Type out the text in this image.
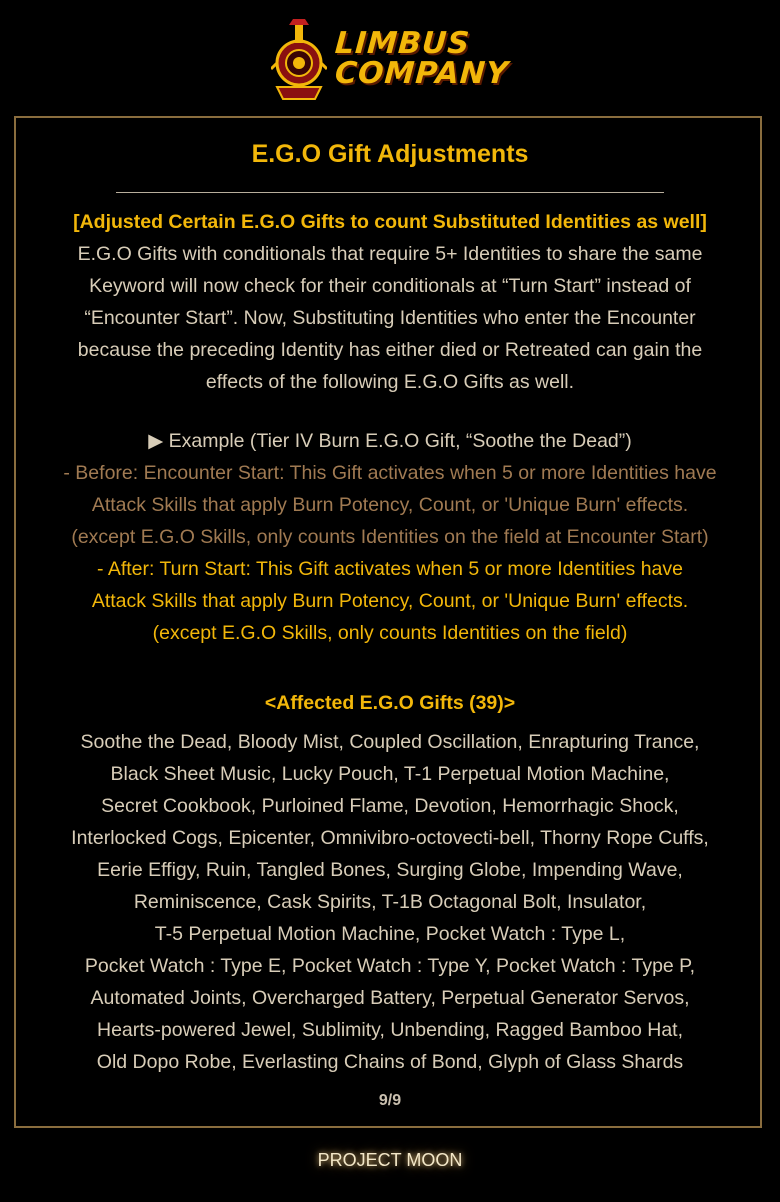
LIMBUS
COMPANY
E.G.O Gift Adjustments
[Adjusted Certain E.G.O Gifts to count Substituted Identities as well]
E.G.O Gifts with conditionals that require 5+ Identities to share the same
Keyword will now check for their conditionals at “Turn Start” instead of
“Encounter Start”. Now, Substituting Identities who enter the Encounter
because the preceding Identity has either died or Retreated can gain the
effects of the following E.G.O Gifts as well.
▶ Example (Tier IV Burn E.G.O Gift, “Soothe the Dead”)
- Before: Encounter Start: This Gift activates when 5 or more Identities have
Attack Skills that apply Burn Potency, Count, or 'Unique Burn' effects.
(except E.G.O Skills, only counts Identities on the field at Encounter Start)
- After: Turn Start: This Gift activates when 5 or more Identities have
Attack Skills that apply Burn Potency, Count, or 'Unique Burn' effects.
(except E.G.O Skills, only counts Identities on the field)
<Affected E.G.O Gifts (39)>
Soothe the Dead, Bloody Mist, Coupled Oscillation, Enrapturing Trance,
Black Sheet Music, Lucky Pouch, T-1 Perpetual Motion Machine,
Secret Cookbook, Purloined Flame, Devotion, Hemorrhagic Shock,
Interlocked Cogs, Epicenter, Omnivibro-octovecti-bell, Thorny Rope Cuffs,
Eerie Effigy, Ruin, Tangled Bones, Surging Globe, Impending Wave,
Reminiscence, Cask Spirits, T-1B Octagonal Bolt, Insulator,
T-5 Perpetual Motion Machine, Pocket Watch : Type L,
Pocket Watch : Type E, Pocket Watch : Type Y, Pocket Watch : Type P,
Automated Joints, Overcharged Battery, Perpetual Generator Servos,
Hearts-powered Jewel, Sublimity, Unbending, Ragged Bamboo Hat,
Old Dopo Robe, Everlasting Chains of Bond, Glyph of Glass Shards
9/9
PROJECT MOON
